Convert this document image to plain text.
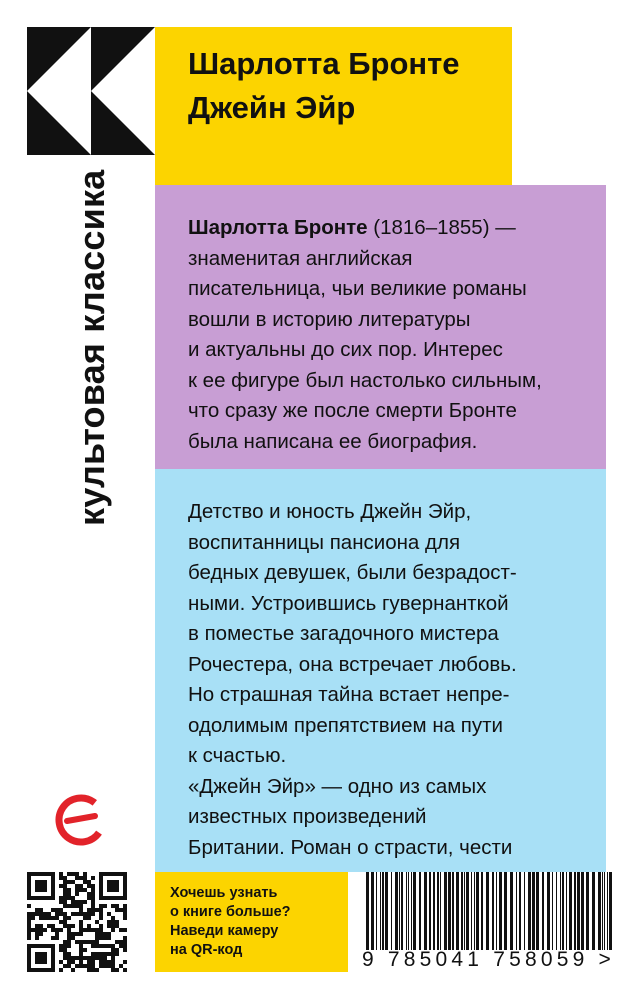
Шарлотта Бронте
Джейн Эйр
культовая классика	Шарлотта Бронте (1816–1855) —
знаменитая английская
писательница, чьи великие романы
вошли в историю литературы
и актуальны до сих пор. Интерес
к ее фигуре был настолько сильным,
что сразу же после смерти Бронте
была написана ее биография.
Детство и юность Джейн Эйр,
воспитанницы пансиона для
бедных девушек, были безрадост-
ными. Устроившись гувернанткой
в поместье загадочного мистера
Рочестера, она встречает любовь.
Но страшная тайна встает непре-
одолимым препятствием на пути
к счастью.
«Джейн Эйр» — одно из самых
известных произведений
Британии. Роман о страсти, чести
Хочешь узнать
о книге больше?
Наведи камеру
на QR-код	9 785041 758059 >
